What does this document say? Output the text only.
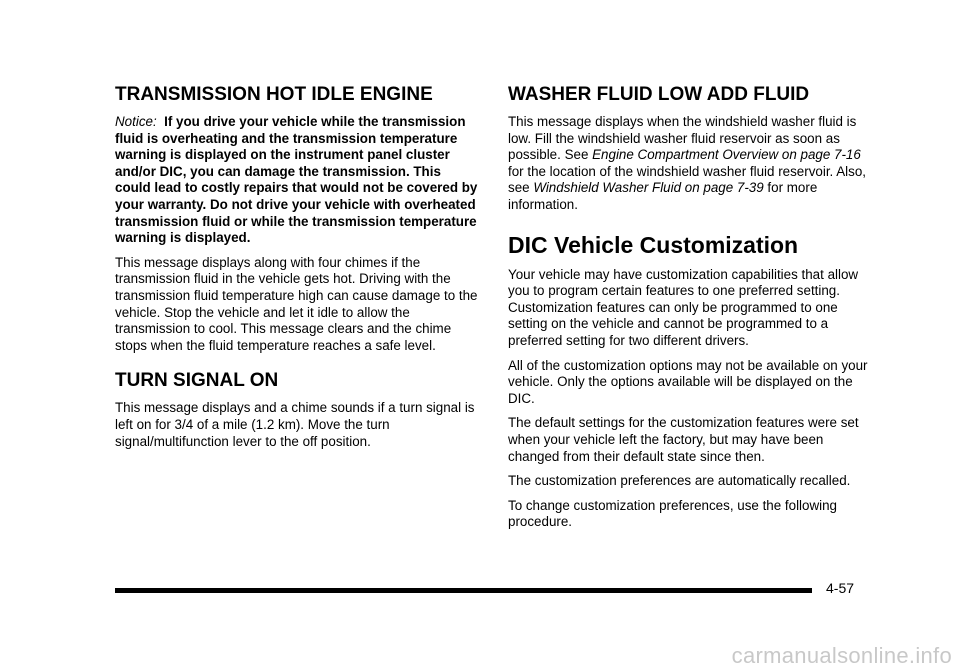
TRANSMISSION HOT IDLE ENGINE

Notice: If you drive your vehicle while the transmission fluid is overheating and the transmission temperature warning is displayed on the instrument panel cluster and/or DIC, you can damage the transmission. This could lead to costly repairs that would not be covered by your warranty. Do not drive your vehicle with overheated transmission fluid or while the transmission temperature warning is displayed.

This message displays along with four chimes if the transmission fluid in the vehicle gets hot. Driving with the transmission fluid temperature high can cause damage to the vehicle. Stop the vehicle and let it idle to allow the transmission to cool. This message clears and the chime stops when the fluid temperature reaches a safe level.

TURN SIGNAL ON

This message displays and a chime sounds if a turn signal is left on for 3/4 of a mile (1.2 km). Move the turn signal/multifunction lever to the off position.

WASHER FLUID LOW ADD FLUID

This message displays when the windshield washer fluid is low. Fill the windshield washer fluid reservoir as soon as possible. See Engine Compartment Overview on page 7-16 for the location of the windshield washer fluid reservoir. Also, see Windshield Washer Fluid on page 7-39 for more information.

DIC Vehicle Customization

Your vehicle may have customization capabilities that allow you to program certain features to one preferred setting. Customization features can only be programmed to one setting on the vehicle and cannot be programmed to a preferred setting for two different drivers.

All of the customization options may not be available on your vehicle. Only the options available will be displayed on the DIC.

The default settings for the customization features were set when your vehicle left the factory, but may have been changed from their default state since then.

The customization preferences are automatically recalled.

To change customization preferences, use the following procedure.

4-57
carmanualsonline.info
